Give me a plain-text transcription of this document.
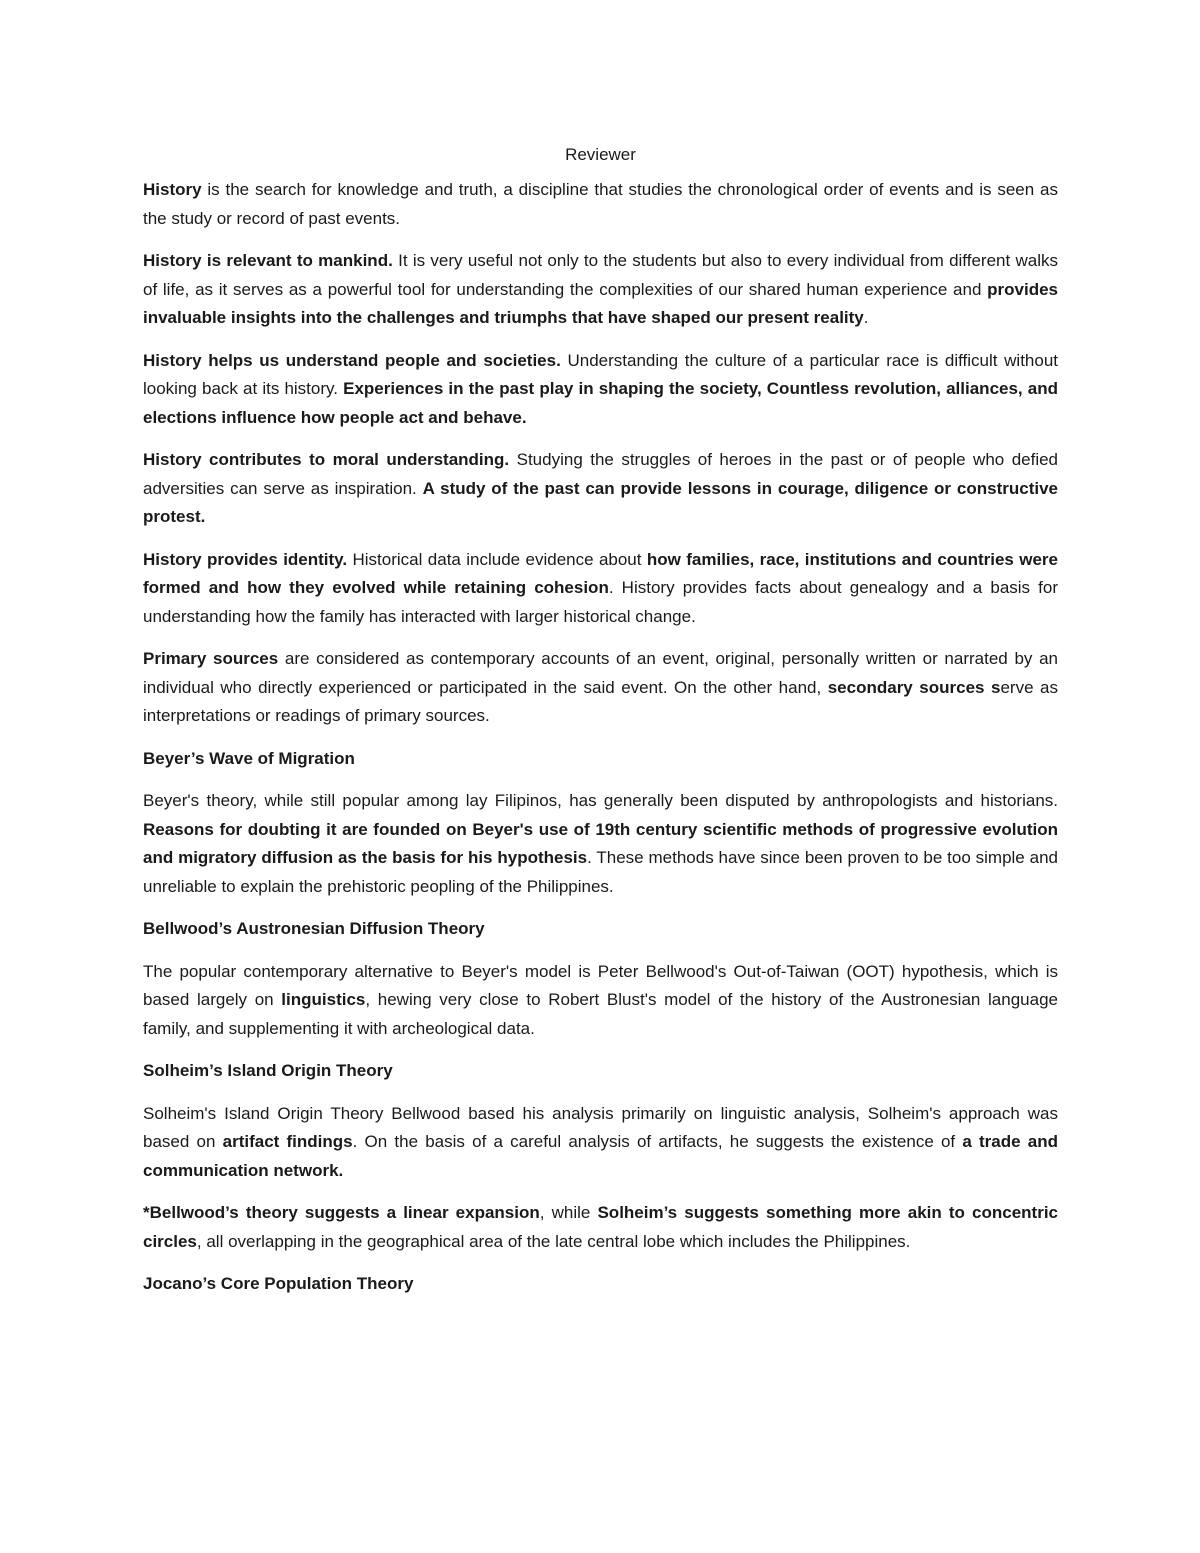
Reviewer

History is the search for knowledge and truth, a discipline that studies the chronological order of events and is seen as the study or record of past events.

History is relevant to mankind. It is very useful not only to the students but also to every individual from different walks of life, as it serves as a powerful tool for understanding the complexities of our shared human experience and provides invaluable insights into the challenges and triumphs that have shaped our present reality.

History helps us understand people and societies. Understanding the culture of a particular race is difficult without looking back at its history. Experiences in the past play in shaping the society, Countless revolution, alliances, and elections influence how people act and behave.

History contributes to moral understanding. Studying the struggles of heroes in the past or of people who defied adversities can serve as inspiration. A study of the past can provide lessons in courage, diligence or constructive protest.

History provides identity. Historical data include evidence about how families, race, institutions and countries were formed and how they evolved while retaining cohesion. History provides facts about genealogy and a basis for understanding how the family has interacted with larger historical change.

Primary sources are considered as contemporary accounts of an event, original, personally written or narrated by an individual who directly experienced or participated in the said event. On the other hand, secondary sources serve as interpretations or readings of primary sources.

Beyer’s Wave of Migration

Beyer's theory, while still popular among lay Filipinos, has generally been disputed by anthropologists and historians. Reasons for doubting it are founded on Beyer's use of 19th century scientific methods of progressive evolution and migratory diffusion as the basis for his hypothesis. These methods have since been proven to be too simple and unreliable to explain the prehistoric peopling of the Philippines.

Bellwood’s Austronesian Diffusion Theory

The popular contemporary alternative to Beyer's model is Peter Bellwood's Out-of-Taiwan (OOT) hypothesis, which is based largely on linguistics, hewing very close to Robert Blust's model of the history of the Austronesian language family, and supplementing it with archeological data.

Solheim’s Island Origin Theory

Solheim's Island Origin Theory Bellwood based his analysis primarily on linguistic analysis, Solheim's approach was based on artifact findings. On the basis of a careful analysis of artifacts, he suggests the existence of a trade and communication network.

*Bellwood’s theory suggests a linear expansion, while Solheim’s suggests something more akin to concentric circles, all overlapping in the geographical area of the late central lobe which includes the Philippines.

Jocano’s Core Population Theory
